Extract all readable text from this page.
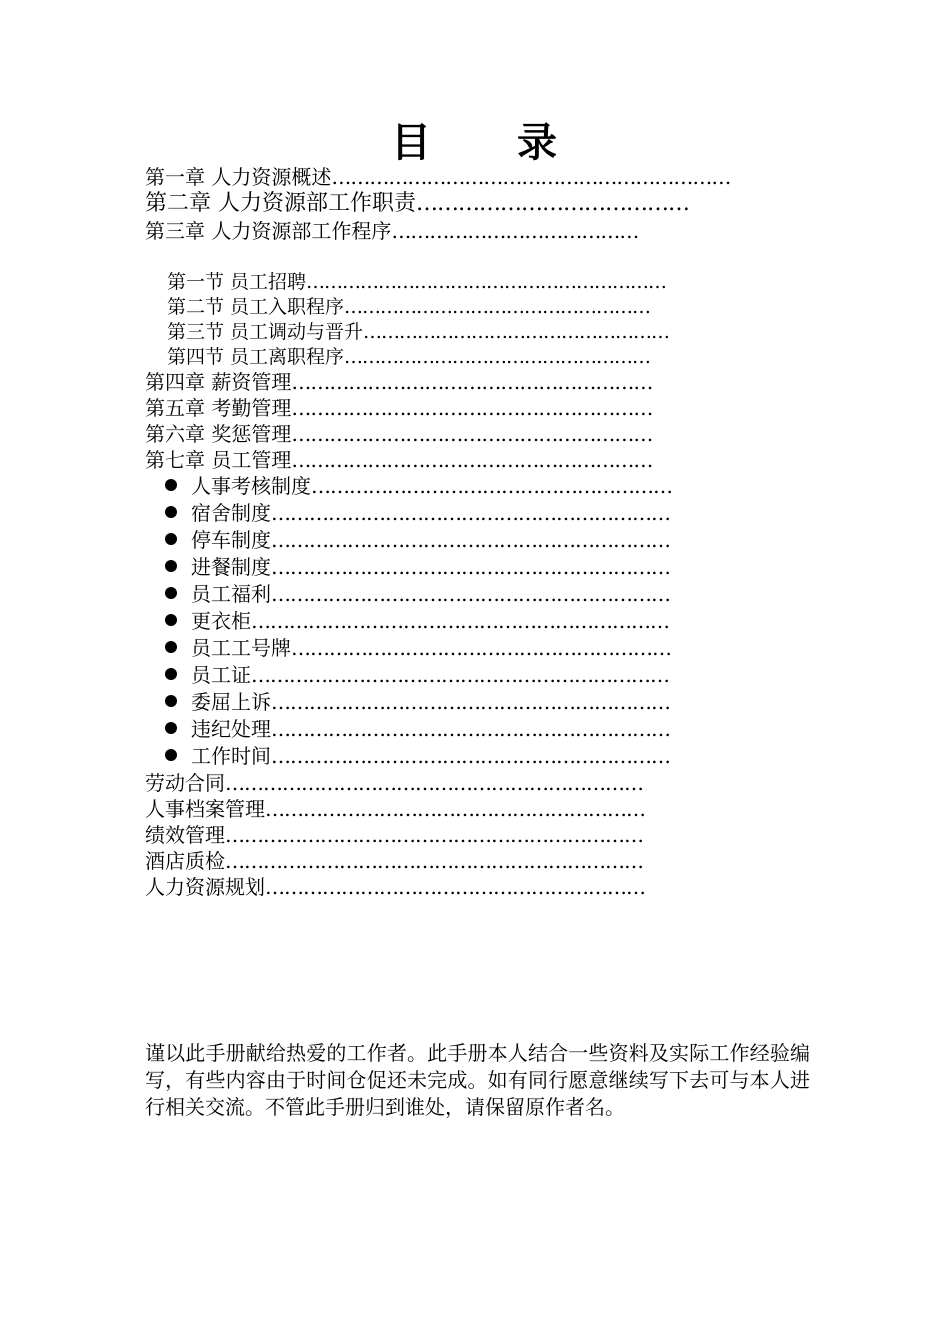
目　　录
第一章 人力资源概述………………………………………………………
第二章 人力资源部工作职责…………………………………
第三章 人力资源部工作程序…………………………………
第一节 员工招聘……………………………………………………
第二节 员工入职程序……………………………………………
第三节 员工调动与晋升……………………………………………
第四节 员工离职程序……………………………………………
第四章 薪资管理…………………………………………………
第五章 考勤管理…………………………………………………
第六章 奖惩管理…………………………………………………
第七章 员工管理…………………………………………………
人事考核制度…………………………………………………
宿舍制度………………………………………………………
停车制度………………………………………………………
进餐制度………………………………………………………
员工福利………………………………………………………
更衣柜…………………………………………………………
员工工号牌……………………………………………………
员工证…………………………………………………………
委屈上诉………………………………………………………
违纪处理………………………………………………………
工作时间………………………………………………………
劳动合同…………………………………………………………
人事档案管理……………………………………………………
绩效管理…………………………………………………………
酒店质检…………………………………………………………
人力资源规划……………………………………………………

谨以此手册献给热爱的工作者。此手册本人结合一些资料及实际工作经验编写，有些内容由于时间仓促还未完成。如有同行愿意继续写下去可与本人进行相关交流。不管此手册归到谁处，请保留原作者名。
